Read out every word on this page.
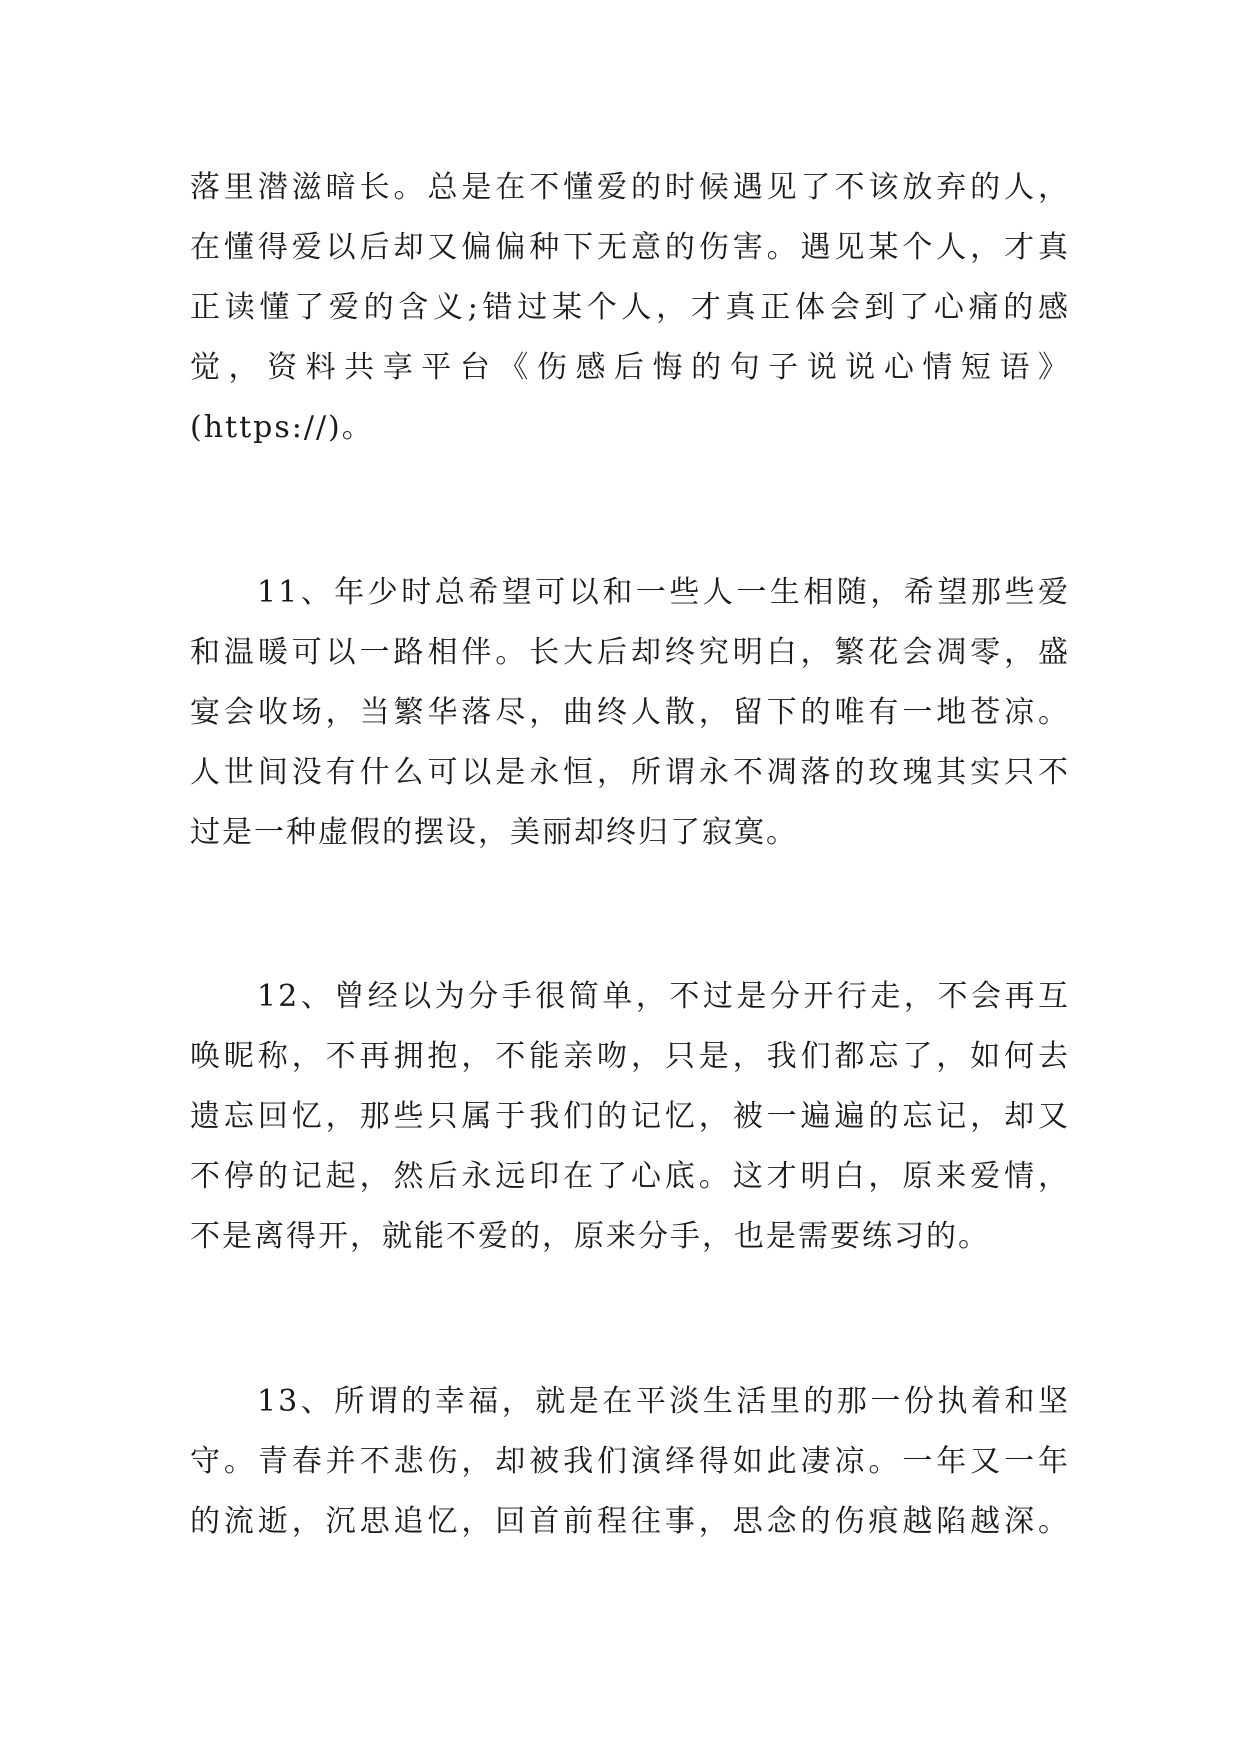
落里潜滋暗长。总是在不懂爱的时候遇见了不该放弃的人，
在懂得爱以后却又偏偏种下无意的伤害。遇见某个人，才真
正读懂了爱的含义;错过某个人，才真正体会到了心痛的感
觉，资料共享平台《伤感后悔的句子说说心情短语》
(https://)。
　　11、年少时总希望可以和一些人一生相随，希望那些爱
和温暖可以一路相伴。长大后却终究明白，繁花会凋零，盛
宴会收场，当繁华落尽，曲终人散，留下的唯有一地苍凉。
人世间没有什么可以是永恒，所谓永不凋落的玫瑰其实只不
过是一种虚假的摆设，美丽却终归了寂寞。
　　12、曾经以为分手很简单，不过是分开行走，不会再互
唤昵称，不再拥抱，不能亲吻，只是，我们都忘了，如何去
遗忘回忆，那些只属于我们的记忆，被一遍遍的忘记，却又
不停的记起，然后永远印在了心底。这才明白，原来爱情，
不是离得开，就能不爱的，原来分手，也是需要练习的。
　　13、所谓的幸福，就是在平淡生活里的那一份执着和坚
守。青春并不悲伤，却被我们演绎得如此凄凉。一年又一年
的流逝，沉思追忆，回首前程往事，思念的伤痕越陷越深。
